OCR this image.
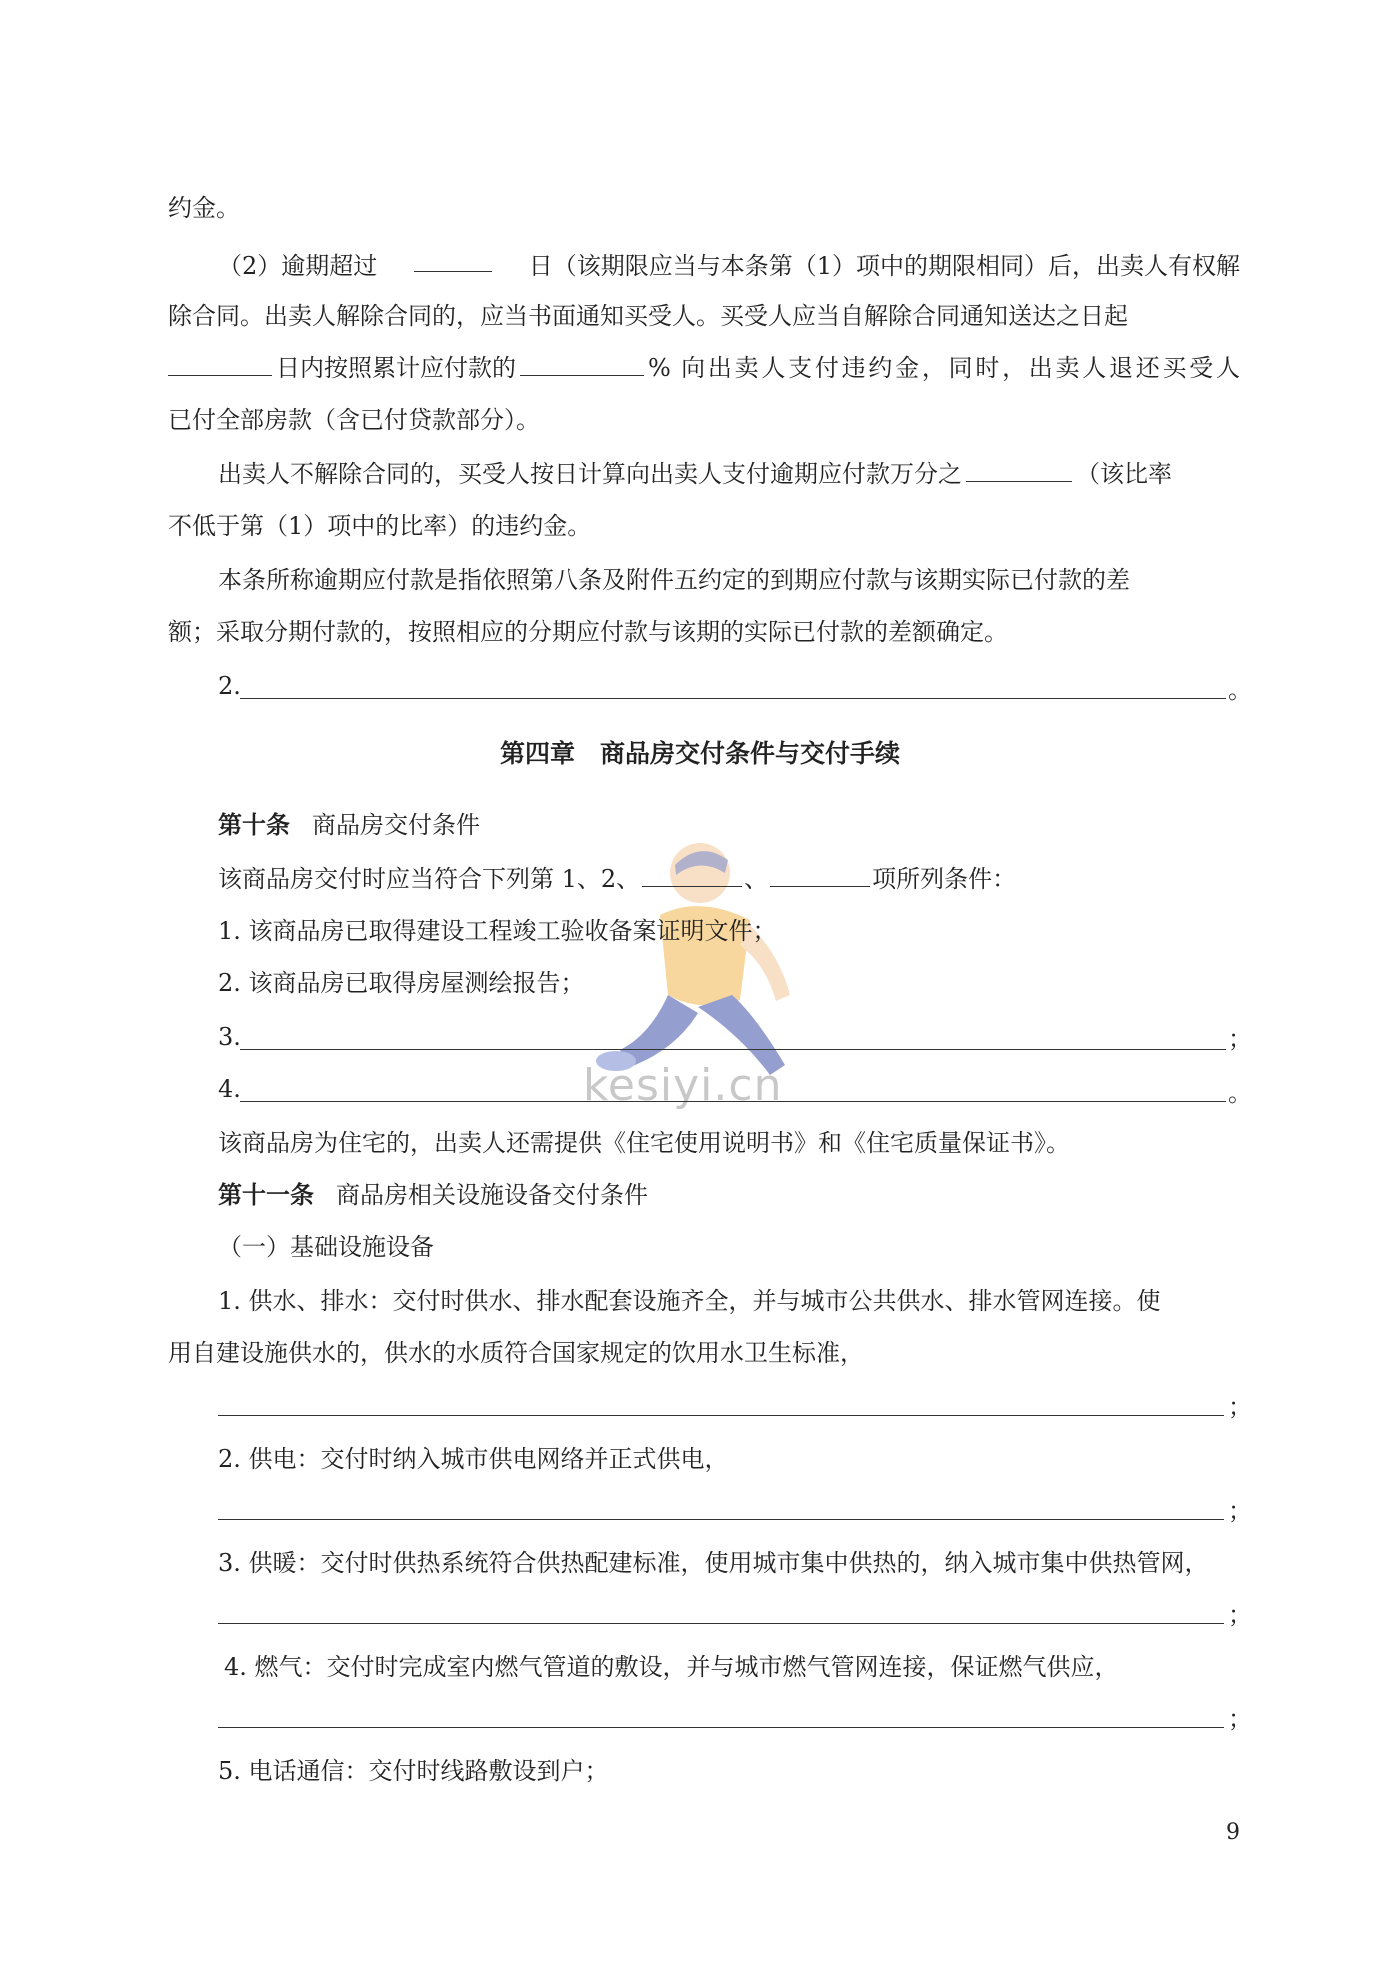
kesiyi.cn
约金。
（2）逾期超过	日（该期限应当与本条第（1）项中的期限相同）后，出卖人有权解
除合同。出卖人解除合同的，应当书面通知买受人。买受人应当自解除合同通知送达之日起
日内按照累计应付款的	% 向出卖人支付违约金，同时，出卖人退还买受人
已付全部房款（含已付贷款部分）。
出卖人不解除合同的，买受人按日计算向出卖人支付逾期应付款万分之	（该比率
不低于第（1）项中的比率）的违约金。
本条所称逾期应付款是指依照第八条及附件五约定的到期应付款与该期实际已付款的差
额；采取分期付款的，按照相应的分期应付款与该期的实际已付款的差额确定。
2.	。
第四章　商品房交付条件与交付手续
第十条 商品房交付条件
该商品房交付时应当符合下列第 1、2、	、	项所列条件：
1. 该商品房已取得建设工程竣工验收备案证明文件；
2. 该商品房已取得房屋测绘报告；
3.	；
4.	。
该商品房为住宅的，出卖人还需提供《住宅使用说明书》和《住宅质量保证书》。
第十一条 商品房相关设施设备交付条件
（一）基础设施设备
1. 供水、排水：交付时供水、排水配套设施齐全，并与城市公共供水、排水管网连接。使
用自建设施供水的，供水的水质符合国家规定的饮用水卫生标准，
；
2. 供电：交付时纳入城市供电网络并正式供电，
；
3. 供暖：交付时供热系统符合供热配建标准，使用城市集中供热的，纳入城市集中供热管网，
；
4. 燃气：交付时完成室内燃气管道的敷设，并与城市燃气管网连接，保证燃气供应，
；
5. 电话通信：交付时线路敷设到户；
9
